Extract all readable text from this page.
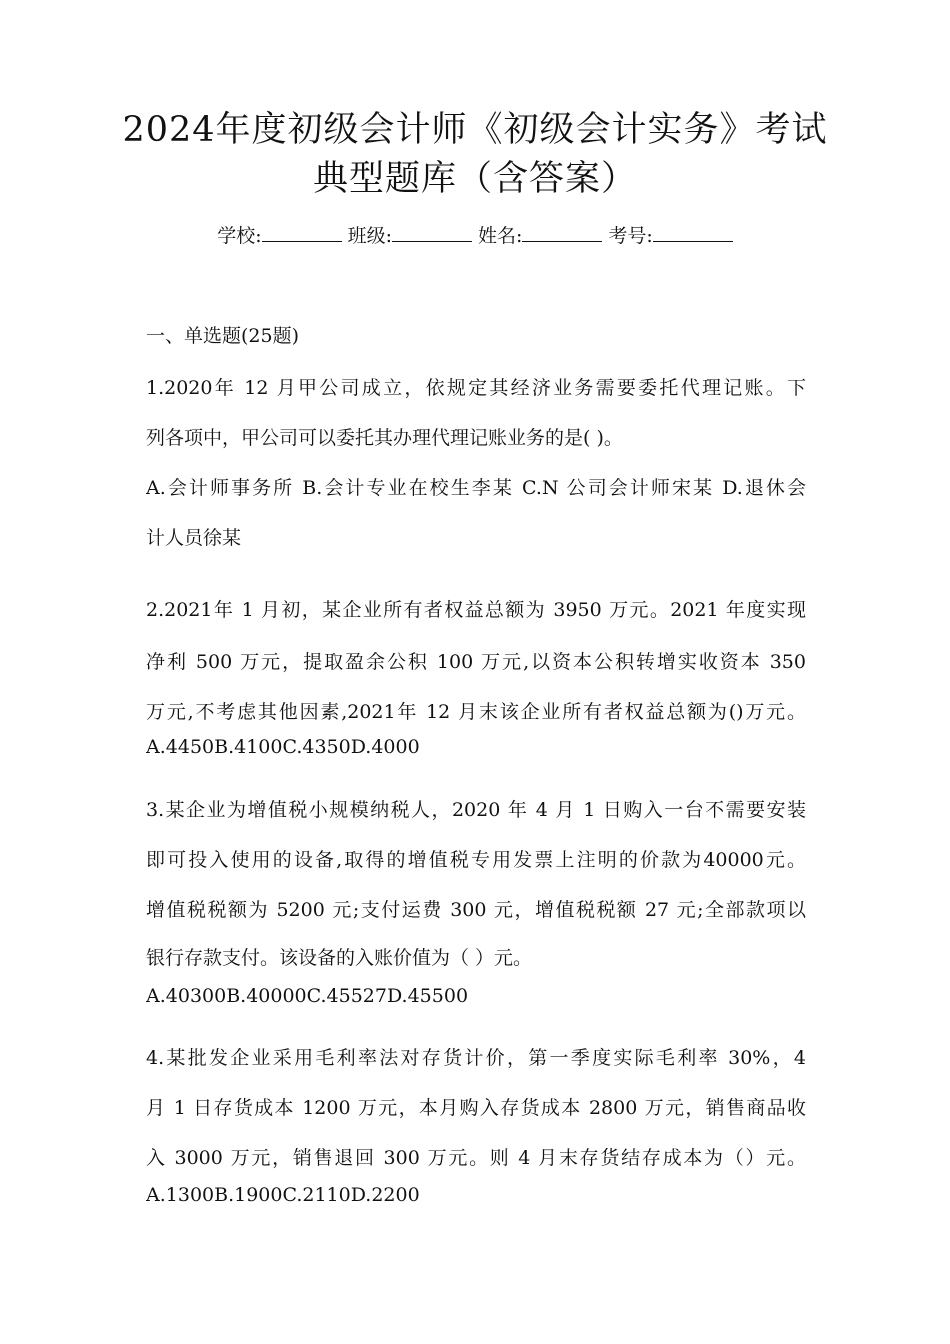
2024年度初级会计师《初级会计实务》考试
典型题库（含答案）
学校:	班级:	姓名:	考号:
一、单选题(25题)
1.2020年 12 月甲公司成立，依规定其经济业务需要委托代理记账。下
列各项中，甲公司可以委托其办理代理记账业务的是( )。
A.会计师事务所 B.会计专业在校生李某 C.N 公司会计师宋某 D.退休会
计人员徐某
2.2021年 1 月初，某企业所有者权益总额为 3950 万元。2021 年度实现
净利 500 万元，提取盈余公积 100 万元,以资本公积转增实收资本 350
万元,不考虑其他因素,2021年 12 月末该企业所有者权益总额为()万元。
A.4450B.4100C.4350D.4000
3.某企业为增值税小规模纳税人，2020 年 4 月 1 日购入一台不需要安装
即可投入使用的设备,取得的增值税专用发票上注明的价款为40000元。
增值税税额为 5200 元;支付运费 300 元，增值税税额 27 元;全部款项以
银行存款支付。该设备的入账价值为（ ）元。
A.40300B.40000C.45527D.45500
4.某批发企业采用毛利率法对存货计价，第一季度实际毛利率 30%，4
月 1 日存货成本 1200 万元，本月购入存货成本 2800 万元，销售商品收
入 3000 万元，销售退回 300 万元。则 4 月末存货结存成本为（）元。
A.1300B.1900C.2110D.2200
